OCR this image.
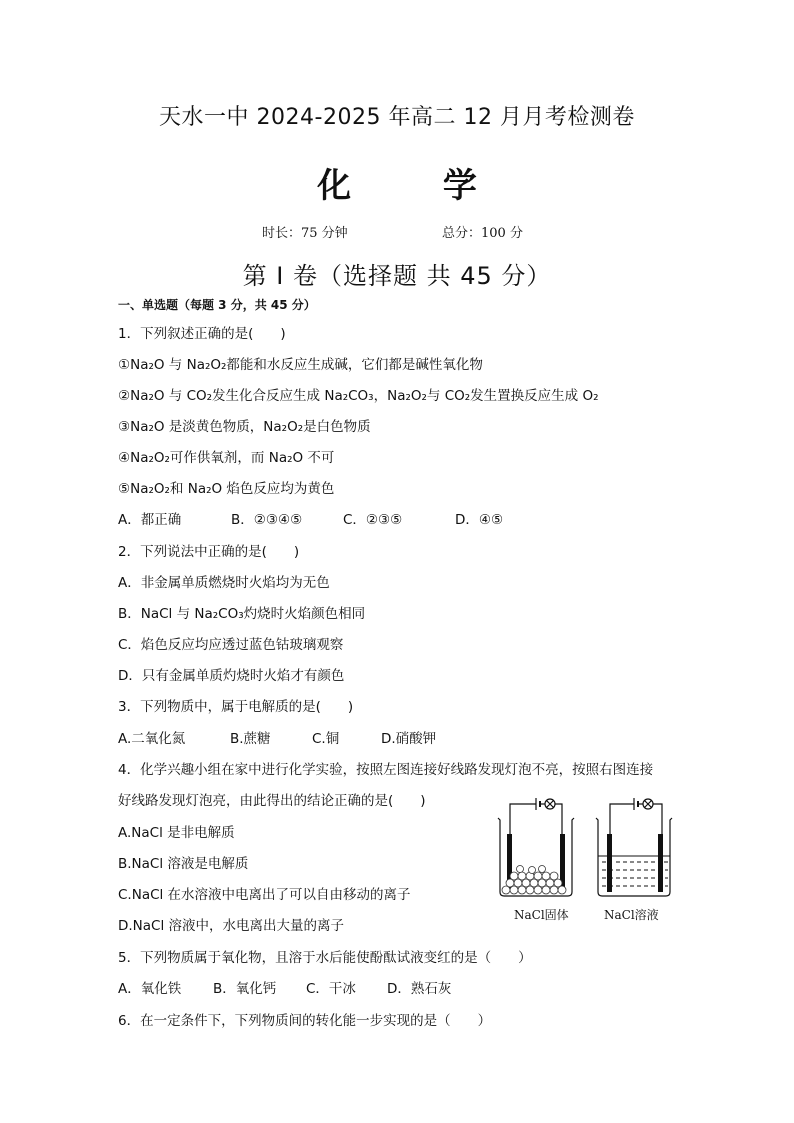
天水一中 2024-2025 年高二 12 月月考检测卷
化 学
时长：75 分钟	总分：100 分
第 I 卷（选择题 共 45 分）
一、单选题（每题 3 分，共 45 分）
1．下列叙述正确的是(　　)
①Na₂O 与 Na₂O₂都能和水反应生成碱，它们都是碱性氧化物
②Na₂O 与 CO₂发生化合反应生成 Na₂CO₃，Na₂O₂与 CO₂发生置换反应生成 O₂
③Na₂O 是淡黄色物质，Na₂O₂是白色物质
④Na₂O₂可作供氧剂，而 Na₂O 不可
⑤Na₂O₂和 Na₂O 焰色反应均为黄色
A．都正确	B．②③④⑤	C．②③⑤	D．④⑤
2．下列说法中正确的是(　　)
A．非金属单质燃烧时火焰均为无色
B．NaCl 与 Na₂CO₃灼烧时火焰颜色相同
C．焰色反应均应透过蓝色钴玻璃观察
D．只有金属单质灼烧时火焰才有颜色
3．下列物质中，属于电解质的是(　　)
A.二氧化氮	B.蔗糖	C.铜	D.硝酸钾
4．化学兴趣小组在家中进行化学实验，按照左图连接好线路发现灯泡不亮，按照右图连接
好线路发现灯泡亮，由此得出的结论正确的是(　　)
A.NaCl 是非电解质
B.NaCl 溶液是电解质
C.NaCl 在水溶液中电离出了可以自由移动的离子
D.NaCl 溶液中，水电离出大量的离子
NaCl固体	NaCl溶液
5．下列物质属于氧化物，且溶于水后能使酚酞试液变红的是（　　）
A．氧化铁 B．氧化钙 C．干冰 D．熟石灰
6．在一定条件下，下列物质间的转化能一步实现的是（　　）
